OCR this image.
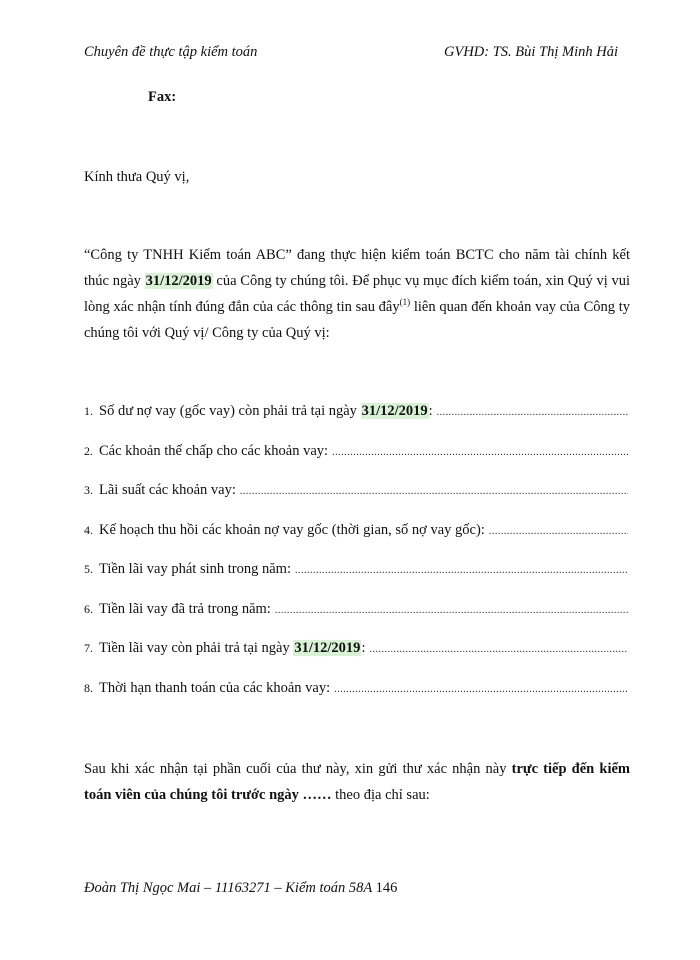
Chuyên đề thực tập kiểm toán	GVHD: TS. Bùi Thị Minh Hải
Fax:
Kính thưa Quý vị,
“Công ty TNHH Kiểm toán ABC” đang thực hiện kiểm toán BCTC cho năm tài chính kết thúc ngày 31/12/2019 của Công ty chúng tôi. Để phục vụ mục đích kiểm toán, xin Quý vị vui lòng xác nhận tính đúng đắn của các thông tin sau đây$^{(1)}$ liên quan đến khoản vay của Công ty chúng tôi với Quý vị/ Công ty của Quý vị:
1. Số dư nợ vay (gốc vay) còn phải trả tại ngày 31/12/2019:
.....
2. Các khoản thế chấp cho các khoản vay:
.....
3. Lãi suất các khoản vay:
.....
4. Kế hoạch thu hồi các khoản nợ vay gốc (thời gian, số nợ vay gốc):
.....
5. Tiền lãi vay phát sinh trong năm:
.....
6. Tiền lãi vay đã trả trong năm:
.....
7. Tiền lãi vay còn phải trả tại ngày 31/12/2019:
.....
8. Thời hạn thanh toán của các khoản vay:
.....
Sau khi xác nhận tại phần cuối của thư này, xin gửi thư xác nhận này trực tiếp đến kiểm toán viên của chúng tôi trước ngày …… theo địa chỉ sau:
Đoàn Thị Ngọc Mai – 11163271 – Kiểm toán 58A 146
